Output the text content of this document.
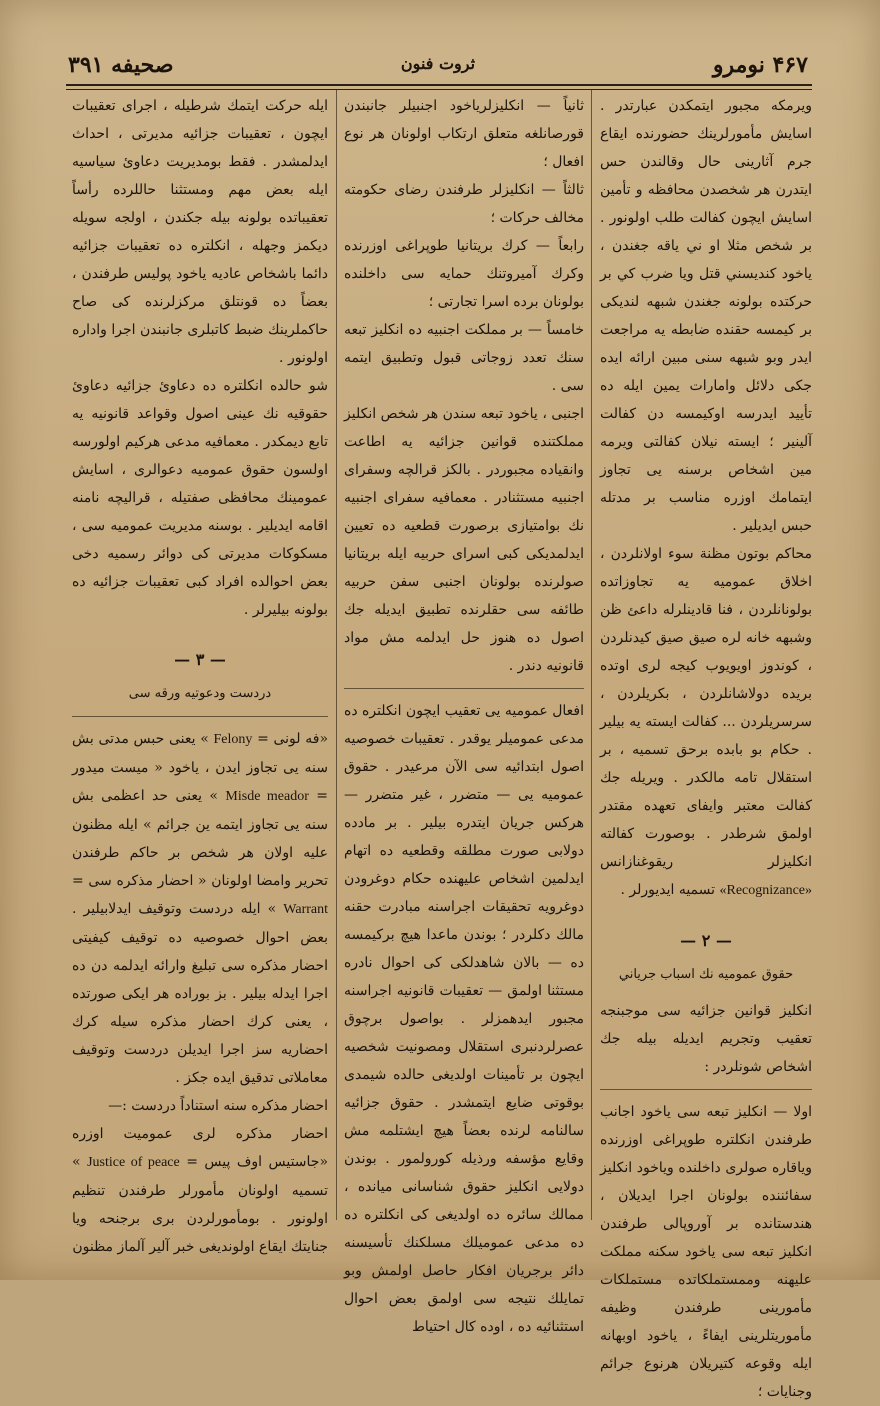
۴۶۷ نومرو
ثروت فنون
صحيفه ۳۹۱

ويرمكه مجبور ايتمكدن عبارتدر . اسايش مأمورلرينك حضورنده ايقاع جرم آثارينى حال وقالندن حس ايتدرن هر شخصدن محافظه و تأمين اسايش ايچون كفالت طلب اولونور . بر شخص مثلا او ني ياقه جغندن ، ياخود كنديسني قتل ويا ضرب كي بر حركتده بولونه جغندن شبهه لنديكى بر كيمسه حقنده ضابطه يه مراجعت ايدر وبو شبهه سنى مبين ارائه ايده جكى دلائل وامارات يمين ايله ده تأييد ايدرسه اوكيمسه دن كفالت آلينير ؛ ايسته نيلان كفالتى ويرمه مين اشخاص برسنه يى تجاوز ايتمامك اوزره مناسب بر مدتله حبس ايديلير .

محاكم بوتون مظنة سوء اولانلردن ، اخلاق عموميه يه تجاوزاتده بولونانلردن ، فنا قادينلرله داعئ ظن وشبهه خانه لره صيق صيق كيدنلردن ، كوندوز اويويوب كيجه لرى اوتده بريده دولاشانلردن ، بكريلردن ، سرسريلردن ... كفالت ايسته يه بيلير . حكام بو بابده برحق تسميه ، بر استقلال تامه مالكدر . ويريله جك كفالت معتبر وايفاى تعهده مقتدر اولمق شرطدر . بوصورت كفالته انكليزلر ريقوغنازانس «Recognizance» تسميه ايديورلر .

— ۲ —
حقوق عموميه نك اسباب جرياني

انكليز قوانين جزائيه سى موجبنجه تعقيب وتجريم ايديله بيله جك اشخاص شونلردر :

اولا — انكليز تبعه سى ياخود اجانب طرفندن انكلتره طوپراغى اوزرنده وياقاره صولرى داخلنده وياخود انكليز سفائننده بولونان اجرا ايديلان ، هندستانده بر آوروپالى طرفندن انكليز تبعه سى ياخود سكنه مملكت عليهنه وممستملكاتده مستملكات مأمورينى طرفندن وظيفه مأموريتلرينى ايفاءً ، ياخود اوبهانه ايله وقوعه كتيريلان هرنوع جرائم وجنايات ؛

ثانياً — انكليزلرياخود اجنبيلر جانبندن قورصانلغه متعلق ارتكاب اولونان هر نوع افعال ؛

ثالثاً — انكليزلر طرفندن رضاى حكومته مخالف حركات ؛

رابعاً — كرك بريتانيا طوپراغى اوزرنده وكرك آميروتنك حمايه سى داخلنده بولونان برده اسرا تجارتى ؛

خامساً — بر مملكت اجنبيه ده انكليز تبعه سنك تعدد زوجاتى قبول وتطبيق ايتمه سى .

اجنبى ، ياخود تبعه سندن هر شخص انكليز مملكتنده قوانين جزائيه يه اطاعت وانقياده مجبوردر . بالكز قرالچه وسفراى اجنبيه مستثنادر . معمافيه سفراى اجنبيه نك بوامتيازى برصورت قطعيه ده تعيين ايدلمديكى كبى اسراى حربيه ايله بريتانيا صولرنده بولونان اجنبى سفن حربيه طائفه سى حقلرنده تطبيق ايديله جك اصول ده هنوز حل ايدلمه مش مواد قانونيه دندر .

افعال عموميه يى تعقيب ايچون انكلتره ده مدعى عموميلر يوقدر . تعقيبات خصوصيه اصول ابتدائيه سى الآن مرعيدر . حقوق عموميه يى — متضرر ، غير متضرر — هركس جريان ايتدره بيلير . بر مادده دولابى صورت مطلقه وقطعيه ده اتهام ايدلمين اشخاص عليهنده حكام دوغرودن دوغرويه تحقيقات اجراسنه مبادرت حقنه مالك دكلردر ؛ بوندن ماعدا هيچ بركيمسه ده — بالان شاهدلكى كى احوال نادره مستثنا اولمق — تعقيبات قانونيه اجراسنه مجبور ايدهمزلر . بواصول برچوق عصرلردنبرى استقلال ومصونيت شخصيه ايچون بر تأمينات اولديغى حالده شيمدى بوقوتى ضايع ايتمشدر . حقوق جزائيه سالنامه لرنده بعضاً هيچ ايشتلمه مش وقايع مؤسفه ورذيله كورولمور . بوندن دولايى انكليز حقوق شناسانى ميانده ، ممالك سائره ده اولديغى كى انكلتره ده ده مدعى عموميلك مسلكنك تأسيسنه دائر برجريان افكار حاصل اولمش وبو تمايلك نتيجه سى اولمق بعض احوال استثنائيه ده ، اوده كال احتياط

ايله حركت ايتمك شرطيله ، اجراى تعقيبات ايچون ، تعقيبات جزائيه مديرتى ، احداث ايدلمشدر . فقط بومديريت دعاوئ سياسيه ايله بعض مهم ومستثنا حاللرده رأساً تعقيباتده بولونه بيله جكندن ، اولجه سويله ديكمز وجهله ، انكلتره ده تعقيبات جزائيه دائما باشخاص عاديه ياخود پوليس طرفندن ، بعضاً ده قونتلق مركزلرنده كى صاح حاكملرينك ضبط كاتبلرى جانبندن اجرا واداره اولونور .

شو حالده انكلتره ده دعاوئ جزائيه دعاوئ حقوقيه نك عينى اصول وقواعد قانونيه يه تابع ديمكدر . معمافيه مدعى هركيم اولورسه اولسون حقوق عموميه دعوالرى ، اسايش عمومينك محافظى صفتيله ، قراليچه نامنه اقامه ايديلير . بوسنه مديريت عموميه سى ، مسكوكات مديرتى كى دوائر رسميه دخى بعض احوالده افراد كبى تعقيبات جزائيه ده بولونه بيليرلر .

— ۳ —
دردست ودعوتيه ورقه سى

«فه لونى = Felony » يعنى حبس مدتى بش سنه يى تجاوز ايدن ، ياخود « ميست ميدور = Misde meador » يعنى حد اعظمى بش سنه يى تجاوز ايتمه ين جرائم » ايله مظنون عليه اولان هر شخص بر حاكم طرفندن تحرير وامضا اولونان « احضار مذكره سى = Warrant » ايله دردست وتوقيف ايدلابيلير . بعض احوال خصوصيه ده توقيف كيفيتى احضار مذكره سى تبليغ وارائه ايدلمه دن ده اجرا ايدله بيلير . بز بوراده هر ايكى صورتده ، يعنى كرك احضار مذكره سيله كرك احضاريه سز اجرا ايديلن دردست وتوقيف معاملاتى تدقيق ايده جكز .

احضار مذكره سنه استناداً دردست :—

احضار مذكره لرى عموميت اوزره «جاستيس اوف پيس = Justice of peace » تسميه اولونان مأمورلر طرفندن تنظيم اولونور . بومأمورلردن برى برجنحه ويا جنايتك ايقاع اولونديغى خبر آلير آلماز مظنون
